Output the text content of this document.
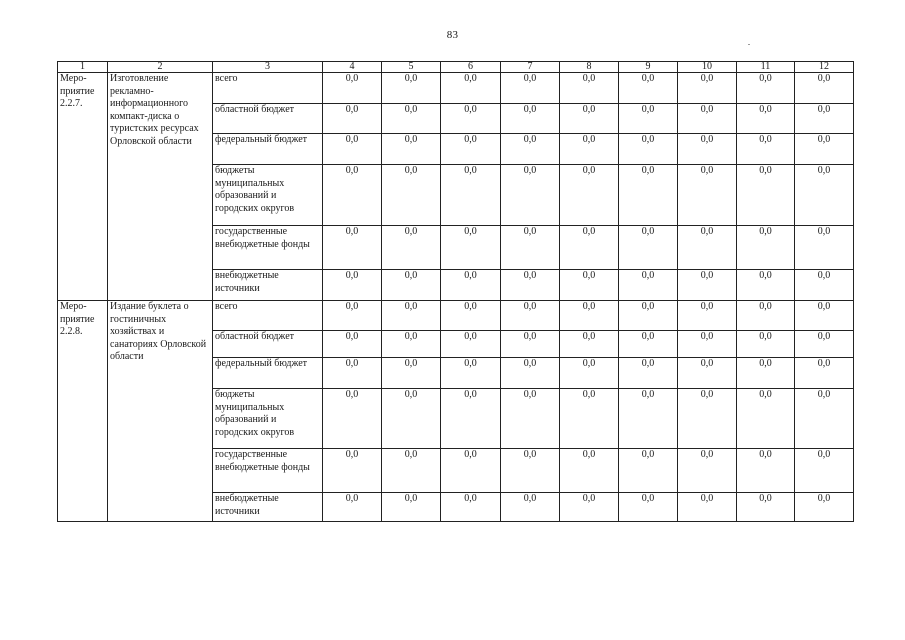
83
1	2	3	4	5	6	7	8	9	10	11	12

Меро-
приятие
2.2.7.	Изготовление рекламно-информационного компакт-диска о туристских ресурсах Орловской области	всего	0,0	0,0	0,0	0,0	0,0	0,0	0,0	0,0	0,0
		областной бюджет	0,0	0,0	0,0	0,0	0,0	0,0	0,0	0,0	0,0
		федеральный бюджет	0,0	0,0	0,0	0,0	0,0	0,0	0,0	0,0	0,0
		бюджеты муниципальных образований и городских округов	0,0	0,0	0,0	0,0	0,0	0,0	0,0	0,0	0,0
		государственные внебюджетные фонды	0,0	0,0	0,0	0,0	0,0	0,0	0,0	0,0	0,0
		внебюджетные источники	0,0	0,0	0,0	0,0	0,0	0,0	0,0	0,0	0,0

Меро-
приятие
2.2.8.	Издание буклета о гостиничных хозяйствах и санаториях Орловской области	всего	0,0	0,0	0,0	0,0	0,0	0,0	0,0	0,0	0,0
		областной бюджет	0,0	0,0	0,0	0,0	0,0	0,0	0,0	0,0	0,0
		федеральный бюджет	0,0	0,0	0,0	0,0	0,0	0,0	0,0	0,0	0,0
		бюджеты муниципальных образований и городских округов	0,0	0,0	0,0	0,0	0,0	0,0	0,0	0,0	0,0
		государственные внебюджетные фонды	0,0	0,0	0,0	0,0	0,0	0,0	0,0	0,0	0,0
		внебюджетные источники	0,0	0,0	0,0	0,0	0,0	0,0	0,0	0,0	0,0
